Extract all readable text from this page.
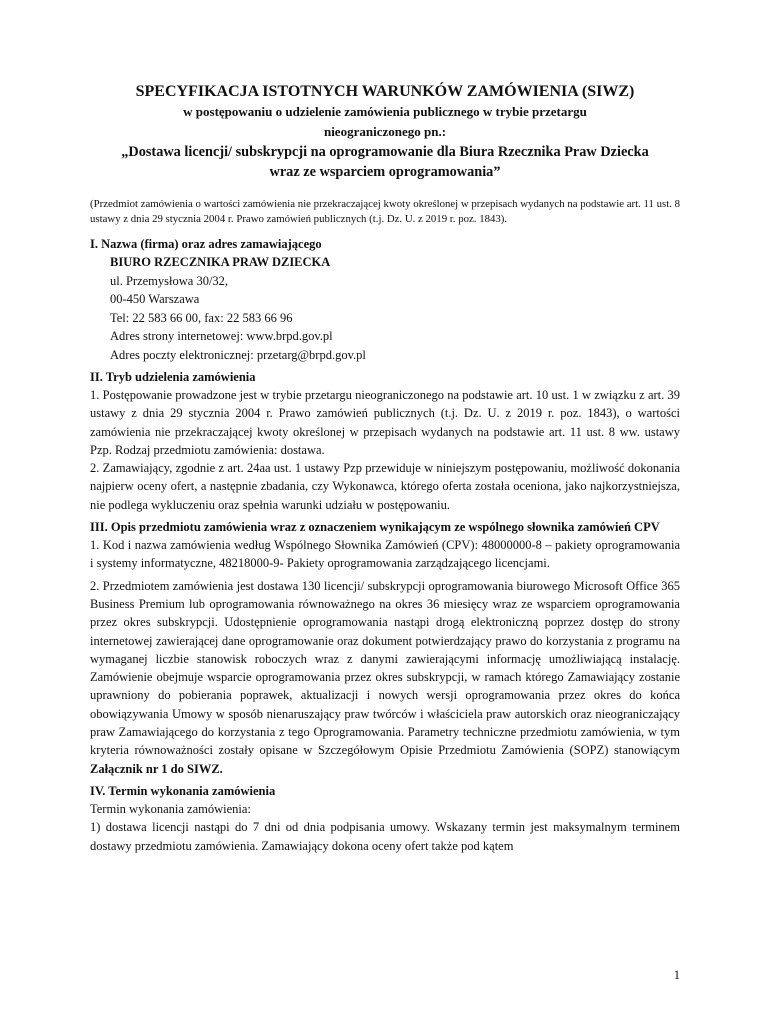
SPECYFIKACJA ISTOTNYCH WARUNKÓW ZAMÓWIENIA (SIWZ)

w postępowaniu o udzielenie zamówienia publicznego w trybie przetargu

nieograniczonego pn.:

„Dostawa licencji/ subskrypcji na oprogramowanie dla Biura Rzecznika Praw Dziecka

wraz ze wsparciem oprogramowania”

(Przedmiot zamówienia o wartości zamówienia nie przekraczającej kwoty określonej w przepisach wydanych na podstawie art. 11 ust. 8 ustawy z dnia 29 stycznia 2004 r. Prawo zamówień publicznych (t.j. Dz. U. z 2019 r. poz. 1843).

I. Nazwa (firma) oraz adres zamawiającego

BIURO RZECZNIKA PRAW DZIECKA
ul. Przemysłowa 30/32,
00-450 Warszawa
Tel: 22 583 66 00, fax: 22 583 66 96
Adres strony internetowej: www.brpd.gov.pl
Adres poczty elektronicznej: przetarg@brpd.gov.pl

II. Tryb udzielenia zamówienia

1. Postępowanie prowadzone jest w trybie przetargu nieograniczonego na podstawie art. 10 ust. 1 w związku z art. 39 ustawy z dnia 29 stycznia 2004 r. Prawo zamówień publicznych (t.j. Dz. U. z 2019 r. poz. 1843), o wartości zamówienia nie przekraczającej kwoty określonej w przepisach wydanych na podstawie art. 11 ust. 8 ww. ustawy Pzp. Rodzaj przedmiotu zamówienia: dostawa.

2. Zamawiający, zgodnie z art. 24aa ust. 1 ustawy Pzp przewiduje w niniejszym postępowaniu, możliwość dokonania najpierw oceny ofert, a następnie zbadania, czy Wykonawca, którego oferta została oceniona, jako najkorzystniejsza, nie podlega wykluczeniu oraz spełnia warunki udziału w postępowaniu.

III. Opis przedmiotu zamówienia wraz z oznaczeniem wynikającym ze wspólnego słownika zamówień CPV

1. Kod i nazwa zamówienia według Wspólnego Słownika Zamówień (CPV): 48000000-8 – pakiety oprogramowania i systemy informatyczne, 48218000-9- Pakiety oprogramowania zarządzającego licencjami.

2. Przedmiotem zamówienia jest dostawa 130 licencji/ subskrypcji oprogramowania biurowego Microsoft Office 365 Business Premium lub oprogramowania równoważnego na okres 36 miesięcy wraz ze wsparciem oprogramowania przez okres subskrypcji. Udostępnienie oprogramowania nastąpi drogą elektroniczną poprzez dostęp do strony internetowej zawierającej dane oprogramowanie oraz dokument potwierdzający prawo do korzystania z programu na wymaganej liczbie stanowisk roboczych wraz z danymi zawierającymi informację umożliwiającą instalację. Zamówienie obejmuje wsparcie oprogramowania przez okres subskrypcji, w ramach którego Zamawiający zostanie uprawniony do pobierania poprawek, aktualizacji i nowych wersji oprogramowania przez okres do końca obowiązywania Umowy w sposób nienaruszający praw twórców i właściciela praw autorskich oraz nieograniczający praw Zamawiającego do korzystania z tego Oprogramowania. Parametry techniczne przedmiotu zamówienia, w tym kryteria równoważności zostały opisane w Szczegółowym Opisie Przedmiotu Zamówienia (SOPZ) stanowiącym Załącznik nr 1 do SIWZ.

IV. Termin wykonania zamówienia

Termin wykonania zamówienia:

1) dostawa licencji nastąpi do 7 dni od dnia podpisania umowy. Wskazany termin jest maksymalnym terminem dostawy przedmiotu zamówienia. Zamawiający dokona oceny ofert także pod kątem

1
